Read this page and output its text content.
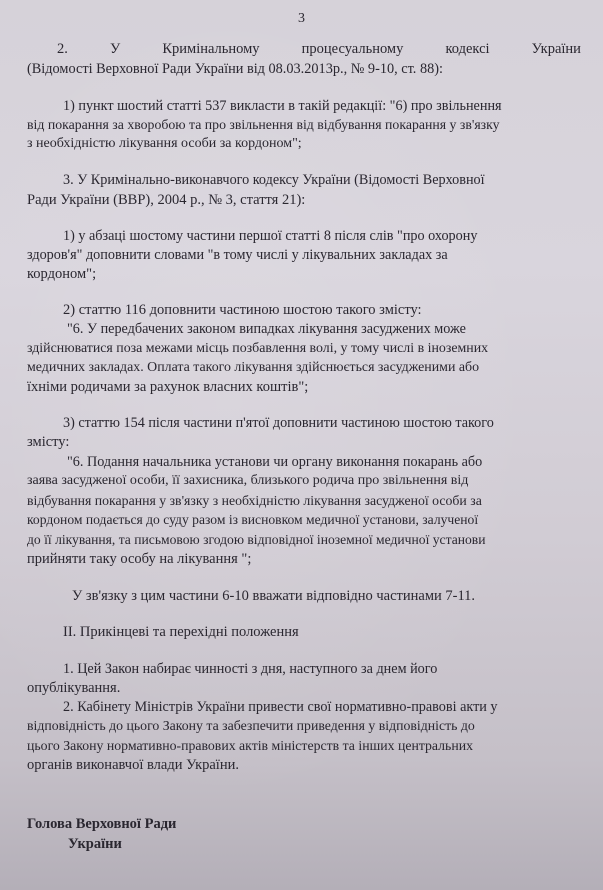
3
2.	У	Кримінальному	процесуальному	кодексі	України
(Відомості Верховної Ради України від 08.03.2013р., № 9-10, ст. 88):
1) пункт шостий статті 537 викласти в такій редакції: "6) про звільнення
від покарання за хворобою та про звільнення від відбування покарання у зв'язку
з необхідністю лікування особи за кордоном";
3. У Кримінально-виконавчого кодексу України (Відомості Верховної
Ради України (ВВР), 2004 р., № 3, стаття 21):
1) у абзаці шостому частини першої статті 8 після слів "про охорону
здоров'я" доповнити словами "в тому числі у лікувальних закладах за
кордоном";
2) статтю 116 доповнити частиною шостою такого змісту:
"6. У передбачених законом випадках лікування засуджених може
здійснюватися поза межами місць позбавлення волі, у тому числі в іноземних
медичних закладах. Оплата такого лікування здійснюється засудженими або
їхніми родичами за рахунок власних коштів";
3) статтю 154 після частини п'ятої доповнити частиною шостою такого
змісту:
"6. Подання начальника установи чи органу виконання покарань або
заява засудженої особи, її захисника, близького родича про звільнення від
відбування покарання у зв'язку з необхідністю лікування засудженої особи за
кордоном подається до суду разом із висновком медичної установи, залученої
до її лікування, та письмовою згодою відповідної іноземної медичної установи
прийняти таку особу на лікування ";
У зв'язку з цим частини 6-10 вважати відповідно частинами 7-11.
ІІ. Прикінцеві та перехідні положення
1. Цей Закон набирає чинності з дня, наступного за днем його
опублікування.
2. Кабінету Міністрів України привести свої нормативно-правові акти у
відповідність до цього Закону та забезпечити приведення у відповідність до
цього Закону нормативно-правових актів міністерств та інших центральних
органів виконавчої влади України.
Голова Верховної Ради
України
